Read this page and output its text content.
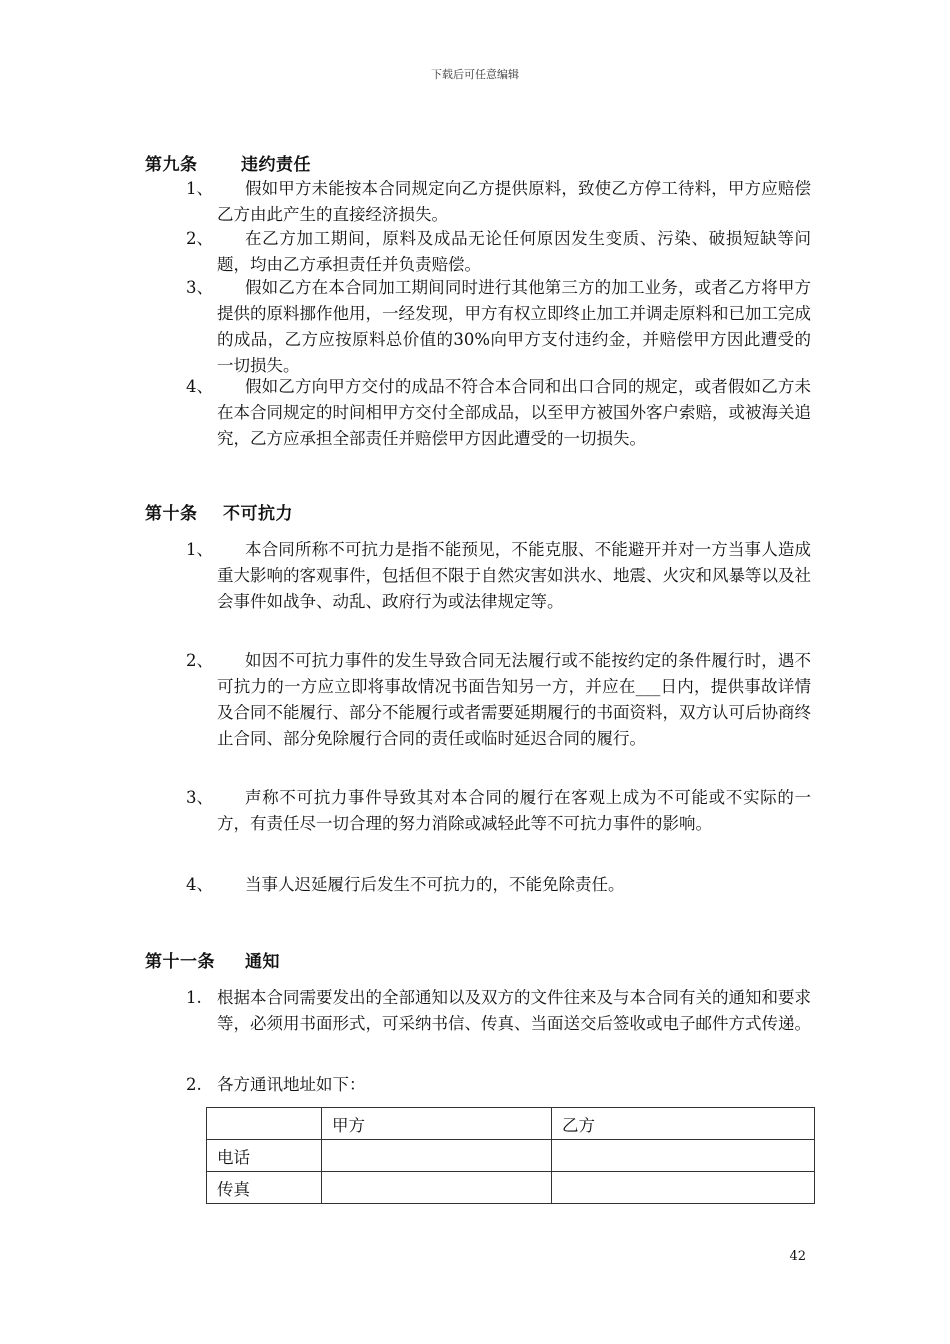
下载后可任意编辑
第九条	违约责任
1、	假如甲方未能按本合同规定向乙方提供原料，致使乙方停工待料，甲方应赔偿乙方由此产生的直接经济损失。
2、	在乙方加工期间，原料及成品无论任何原因发生变质、污染、破损短缺等问题，均由乙方承担责任并负责赔偿。
3、	假如乙方在本合同加工期间同时进行其他第三方的加工业务，或者乙方将甲方提供的原料挪作他用，一经发现，甲方有权立即终止加工并调走原料和已加工完成的成品，乙方应按原料总价值的30%向甲方支付违约金，并赔偿甲方因此遭受的一切损失。
4、	假如乙方向甲方交付的成品不符合本合同和出口合同的规定，或者假如乙方未在本合同规定的时间相甲方交付全部成品，以至甲方被国外客户索赔，或被海关追究，乙方应承担全部责任并赔偿甲方因此遭受的一切损失。
第十条 不可抗力
1、	本合同所称不可抗力是指不能预见，不能克服、不能避开并对一方当事人造成重大影响的客观事件，包括但不限于自然灾害如洪水、地震、火灾和风暴等以及社会事件如战争、动乱、政府行为或法律规定等。
2、	如因不可抗力事件的发生导致合同无法履行或不能按约定的条件履行时，遇不可抗力的一方应立即将事故情况书面告知另一方，并应在___日内，提供事故详情及合同不能履行、部分不能履行或者需要延期履行的书面资料，双方认可后协商终止合同、部分免除履行合同的责任或临时延迟合同的履行。
3、	声称不可抗力事件导致其对本合同的履行在客观上成为不可能或不实际的一方，有责任尽一切合理的努力消除或减轻此等不可抗力事件的影响。
4、	当事人迟延履行后发生不可抗力的，不能免除责任。
第十一条 通知
1. 根据本合同需要发出的全部通知以及双方的文件往来及与本合同有关的通知和要求等，必须用书面形式，可采纳书信、传真、当面送交后签收或电子邮件方式传递。
2. 各方通讯地址如下：
	甲方	乙方
电话		
传真		
42
